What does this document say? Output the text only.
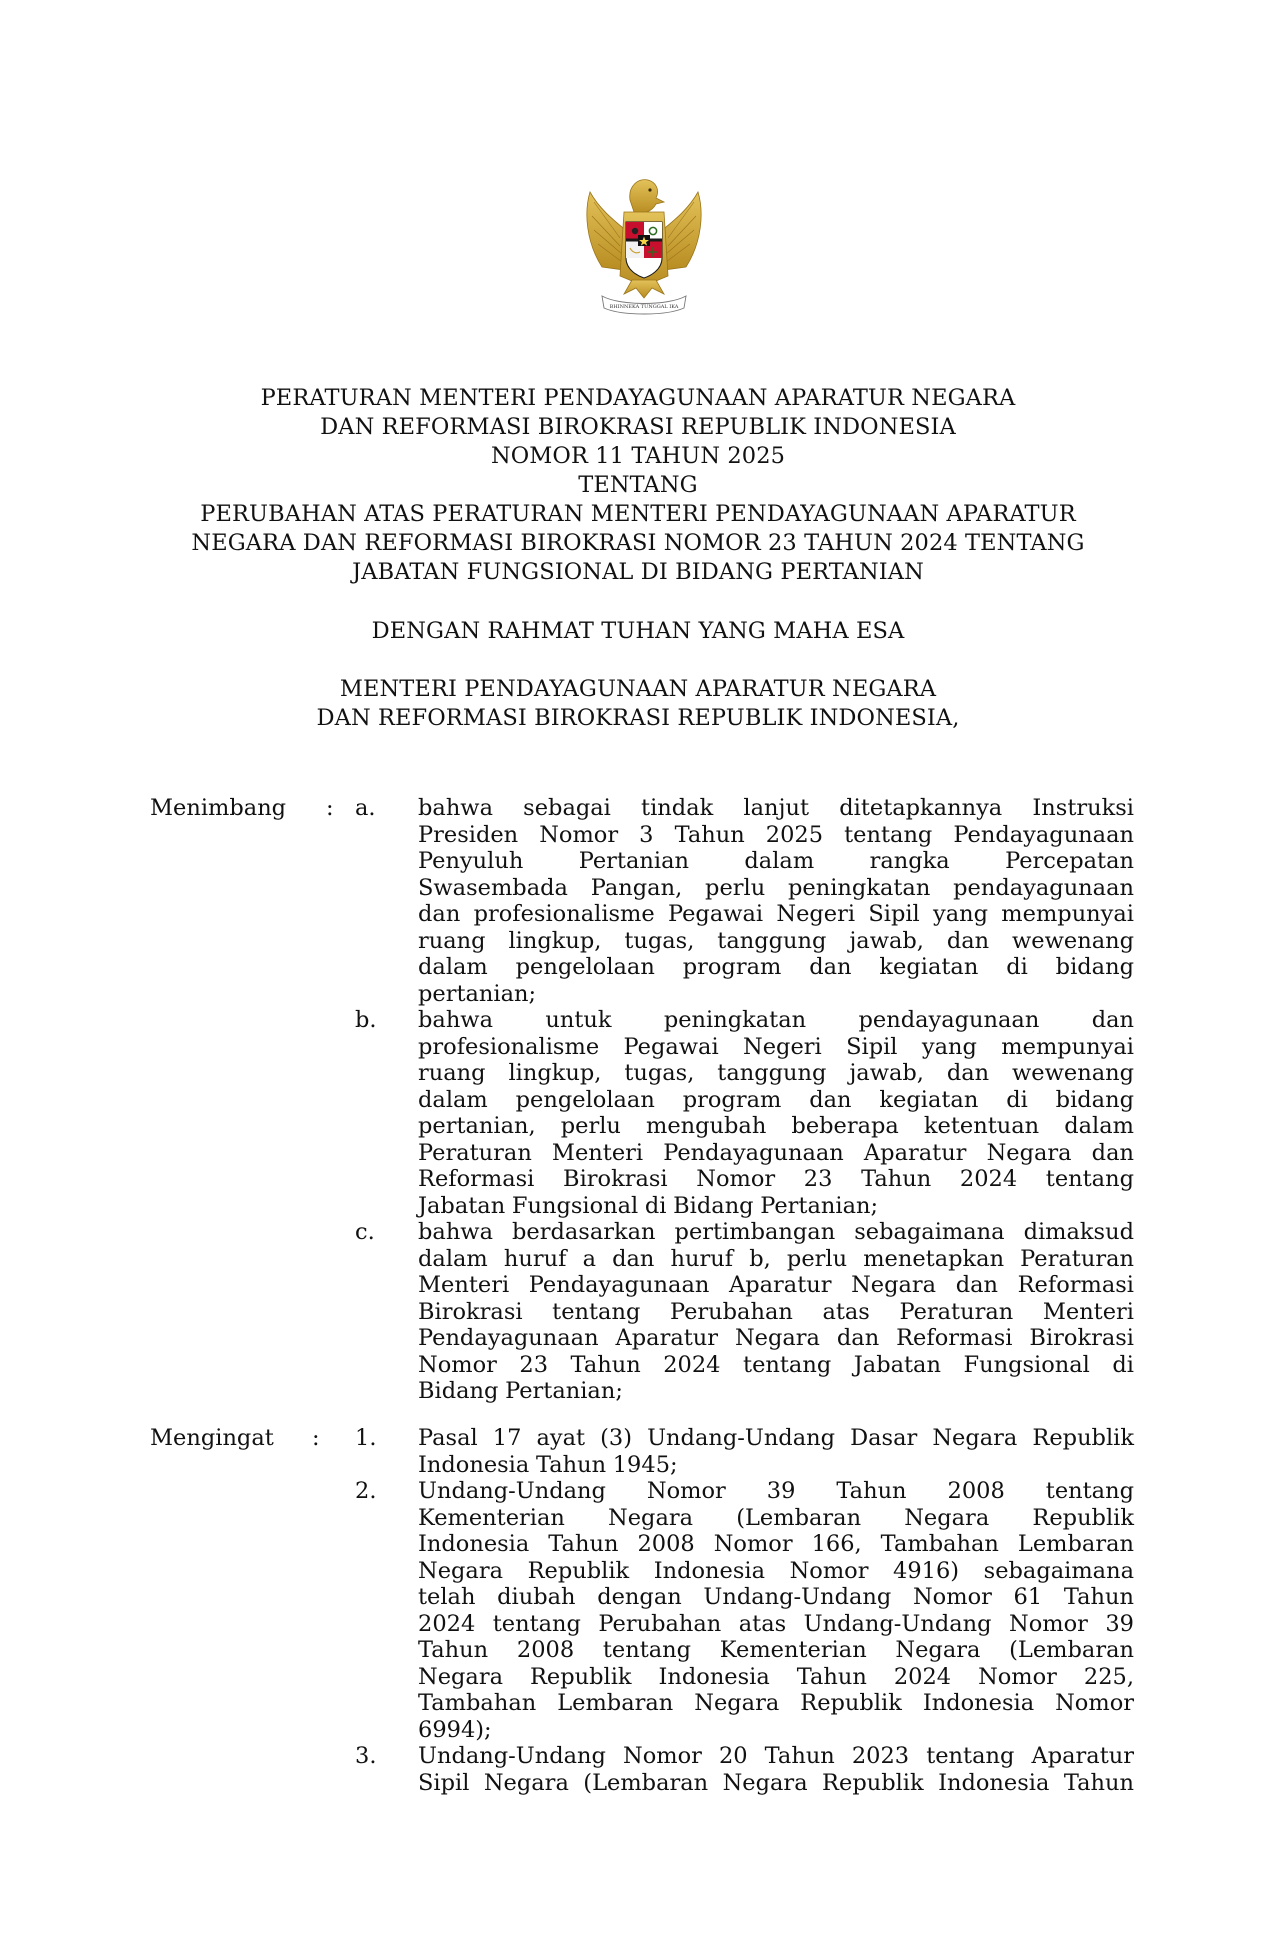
BHINNEKA TUNGGAL IKA
PERATURAN MENTERI PENDAYAGUNAAN APARATUR NEGARA
DAN REFORMASI BIROKRASI REPUBLIK INDONESIA
NOMOR 11 TAHUN 2025
TENTANG
PERUBAHAN ATAS PERATURAN MENTERI PENDAYAGUNAAN APARATUR
NEGARA DAN REFORMASI BIROKRASI NOMOR 23 TAHUN 2024 TENTANG
JABATAN FUNGSIONAL DI BIDANG PERTANIAN
DENGAN RAHMAT TUHAN YANG MAHA ESA
MENTERI PENDAYAGUNAAN APARATUR NEGARA
DAN REFORMASI BIROKRASI REPUBLIK INDONESIA,
Menimbang : a. bahwa sebagai tindak lanjut ditetapkannya Instruksi
Presiden Nomor 3 Tahun 2025 tentang Pendayagunaan
Penyuluh Pertanian dalam rangka Percepatan
Swasembada Pangan, perlu peningkatan pendayagunaan
dan profesionalisme Pegawai Negeri Sipil yang mempunyai
ruang lingkup, tugas, tanggung jawab, dan wewenang
dalam pengelolaan program dan kegiatan di bidang
pertanian;
b. bahwa untuk peningkatan pendayagunaan dan
profesionalisme Pegawai Negeri Sipil yang mempunyai
ruang lingkup, tugas, tanggung jawab, dan wewenang
dalam pengelolaan program dan kegiatan di bidang
pertanian, perlu mengubah beberapa ketentuan dalam
Peraturan Menteri Pendayagunaan Aparatur Negara dan
Reformasi Birokrasi Nomor 23 Tahun 2024 tentang
Jabatan Fungsional di Bidang Pertanian;
c. bahwa berdasarkan pertimbangan sebagaimana dimaksud
dalam huruf a dan huruf b, perlu menetapkan Peraturan
Menteri Pendayagunaan Aparatur Negara dan Reformasi
Birokrasi tentang Perubahan atas Peraturan Menteri
Pendayagunaan Aparatur Negara dan Reformasi Birokrasi
Nomor 23 Tahun 2024 tentang Jabatan Fungsional di
Bidang Pertanian;
Mengingat : 1. Pasal 17 ayat (3) Undang-Undang Dasar Negara Republik
Indonesia Tahun 1945;
2. Undang-Undang Nomor 39 Tahun 2008 tentang
Kementerian Negara (Lembaran Negara Republik
Indonesia Tahun 2008 Nomor 166, Tambahan Lembaran
Negara Republik Indonesia Nomor 4916) sebagaimana
telah diubah dengan Undang-Undang Nomor 61 Tahun
2024 tentang Perubahan atas Undang-Undang Nomor 39
Tahun 2008 tentang Kementerian Negara (Lembaran
Negara Republik Indonesia Tahun 2024 Nomor 225,
Tambahan Lembaran Negara Republik Indonesia Nomor
6994);
3. Undang-Undang Nomor 20 Tahun 2023 tentang Aparatur
Sipil Negara (Lembaran Negara Republik Indonesia Tahun
